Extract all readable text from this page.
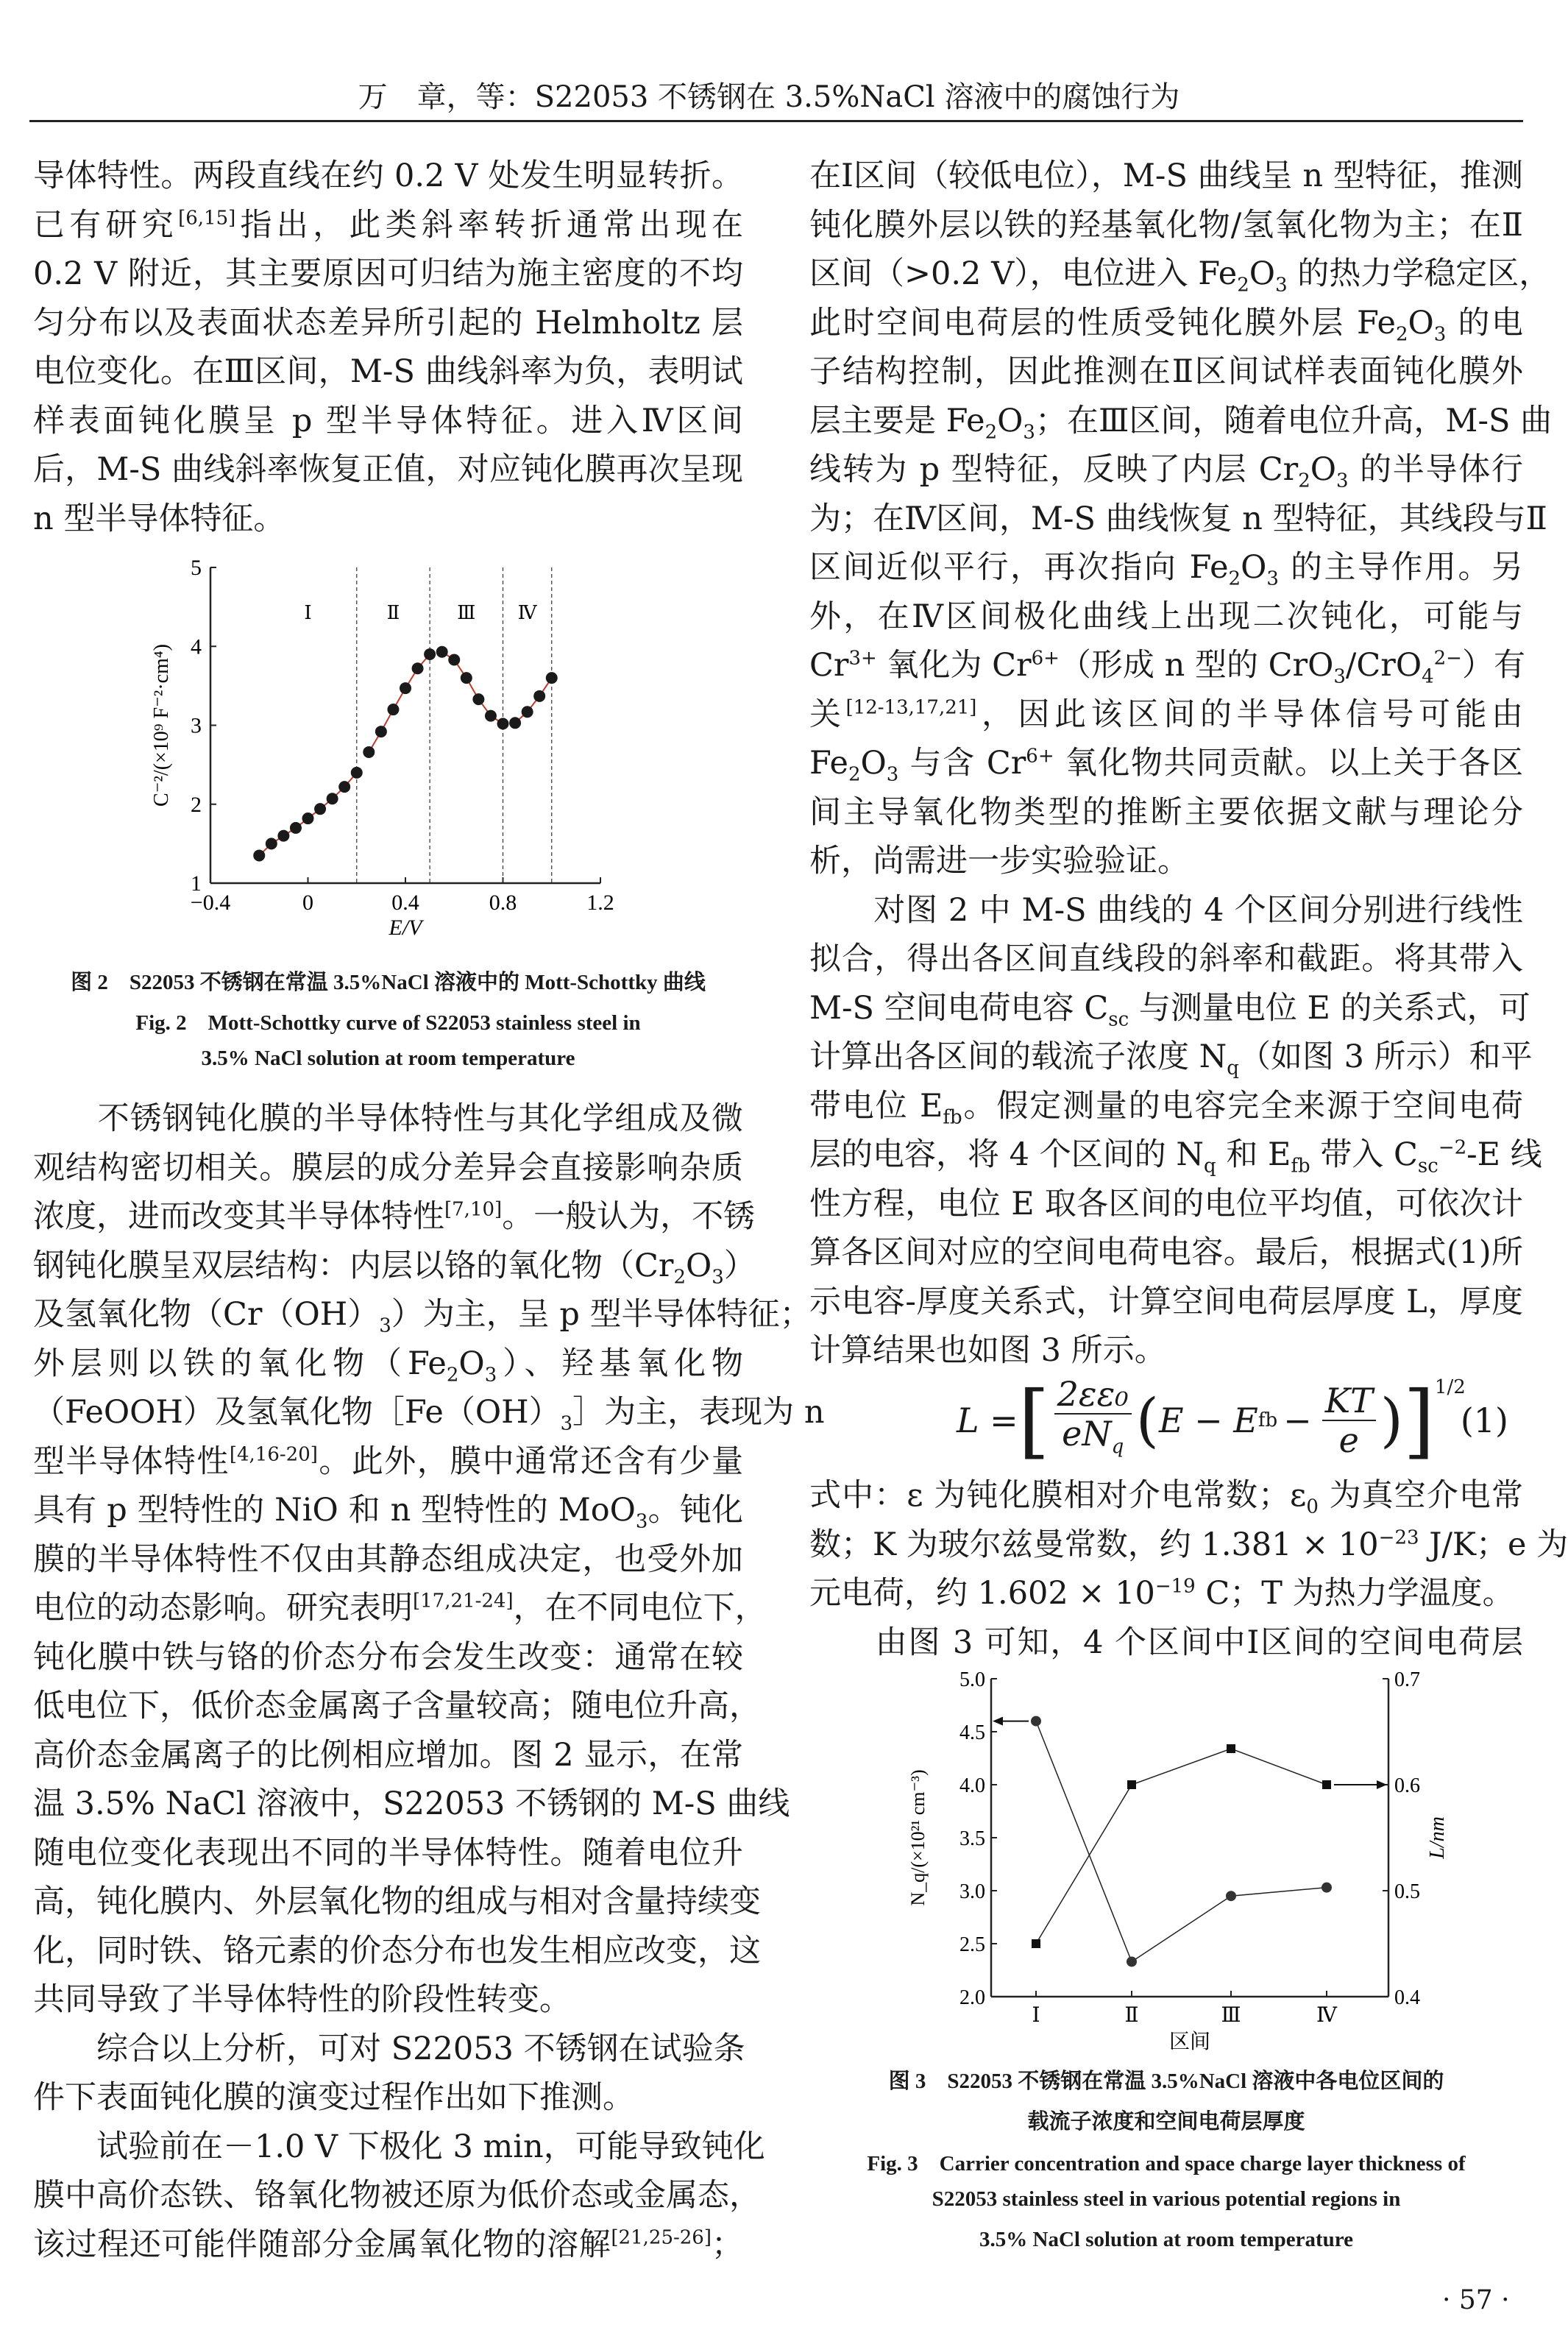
万　章，等：S22053 不锈钢在 3.5%NaCl 溶液中的腐蚀行为
导体特性。两段直线在约 0.2 V 处发生明显转折。
已有研究[6,15]指出，此类斜率转折通常出现在
0.2 V 附近，其主要原因可归结为施主密度的不均
匀分布以及表面状态差异所引起的 Helmholtz 层
电位变化。在Ⅲ区间，M-S 曲线斜率为负，表明试
样表面钝化膜呈 p 型半导体特征。进入Ⅳ区间
后，M-S 曲线斜率恢复正值，对应钝化膜再次呈现
n 型半导体特征。
−0.4	0	0.4	0.8	1.2
1
2
3
4
5
E/V
C⁻²/(×10⁹ F⁻²·cm⁴)
Ⅰ	Ⅱ	Ⅲ Ⅳ
图 2　S22053 不锈钢在常温 3.5%NaCl 溶液中的 Mott-Schottky 曲线
Fig. 2　Mott-Schottky curve of S22053 stainless steel in
3.5% NaCl solution at room temperature
　　不锈钢钝化膜的半导体特性与其化学组成及微
观结构密切相关。膜层的成分差异会直接影响杂质
浓度，进而改变其半导体特性[7,10]。一般认为，不锈
钢钝化膜呈双层结构：内层以铬的氧化物$(Cr_2O_3)$
及氢氧化物$(Cr(OH)_3)$为主，呈 p 型半导体特征；
外层则以铁的氧化物$(Fe_2O_3)$、羟基氧化物
（FeOOH）及氢氧化物$[Fe(OH)_3]$为主，表现为 n
型半导体特性[4,16-20]。此外，膜中通常还含有少量
具有 p 型特性的 NiO 和 n 型特性的 MoO$_3$。钝化
膜的半导体特性不仅由其静态组成决定，也受外加
电位的动态影响。研究表明[17,21-24]，在不同电位下，
钝化膜中铁与铬的价态分布会发生改变：通常在较
低电位下，低价态金属离子含量较高；随电位升高，
高价态金属离子的比例相应增加。图 2 显示，在常
温 3.5% NaCl 溶液中，S22053 不锈钢的 M-S 曲线
随电位变化表现出不同的半导体特性。随着电位升
高，钝化膜内、外层氧化物的组成与相对含量持续变
化，同时铁、铬元素的价态分布也发生相应改变，这
共同导致了半导体特性的阶段性转变。
　　综合以上分析，可对 S22053 不锈钢在试验条
件下表面钝化膜的演变过程作出如下推测。
　　试验前在－1.0 V 下极化 3 min，可能导致钝化
膜中高价态铁、铬氧化物被还原为低价态或金属态，
该过程还可能伴随部分金属氧化物的溶解[21,25-26]；
在Ⅰ区间（较低电位），M-S 曲线呈 n 型特征，推测
钝化膜外层以铁的羟基氧化物/氢氧化物为主；在Ⅱ
区间（>0.2 V），电位进入 $Fe_2O_3$ 的热力学稳定区，
此时空间电荷层的性质受钝化膜外层 $Fe_2O_3$ 的电
子结构控制，因此推测在Ⅱ区间试样表面钝化膜外
层主要是 $Fe_2O_3$；在Ⅲ区间，随着电位升高，M-S 曲
线转为 p 型特征，反映了内层 $Cr_2O_3$ 的半导体行
为；在Ⅳ区间，M-S 曲线恢复 n 型特征，其线段与Ⅱ
区间近似平行，再次指向 $Fe_2O_3$ 的主导作用。另
外，在Ⅳ区间极化曲线上出现二次钝化，可能与
$Cr^{3+}$ 氧化为 $Cr^{6+}$（形成 n 型的 CrO$_3$/CrO$_4^{2-}$）有
关[12-13,17,21]，因此该区间的半导体信号可能由
$Fe_2O_3$ 与含 $Cr^{6+}$ 氧化物共同贡献。以上关于各区
间主导氧化物类型的推断主要依据文献与理论分
析，尚需进一步实验验证。
　　对图 2 中 M-S 曲线的 4 个区间分别进行线性
拟合，得出各区间直线段的斜率和截距。将其带入
M-S 空间电荷电容 $C_{sc}$ 与测量电位 E 的关系式，可
计算出各区间的载流子浓度 $N_q$（如图 3 所示）和平
带电位 $E_{fb}$。假定测量的电容完全来源于空间电荷
层的电容，将 4 个区间的 $N_q$ 和 $E_{fb}$ 带入 $C_{sc}^{-2}-E$ 线
性方程，电位 E 取各区间的电位平均值，可依次计
算各区间对应的空间电荷电容。最后，根据式(1)所
示电容-厚度关系式，计算空间电荷层厚度 L，厚度
计算结果也如图 3 所示。
L = [ $\frac{\text{2εε₀}}{eN_q}$ ( E − E fb − $\frac{KT}{e}$ ) ] 1/2
(1)
式中：ε 为钝化膜相对介电常数；$\varepsilon_0$ 为真空介电常
数；K 为玻尔兹曼常数，约 $1.381 \times 10^{-23}$ J/K；e 为
元电荷，约 $1.602 \times 10^{-19}$ C；T 为热力学温度。
　　由图 3 可知，4 个区间中Ⅰ区间的空间电荷层
2.0
2.5
3.0
3.5
4.0
4.5
5.0
0.4
0.5
0.6
0.7
Ⅰ	Ⅱ	Ⅲ	Ⅳ
区间
N_q/(×10²¹ cm⁻³)	L/nm
图 3　S22053 不锈钢在常温 3.5%NaCl 溶液中各电位区间的
载流子浓度和空间电荷层厚度
Fig. 3　Carrier concentration and space charge layer thickness of
S22053 stainless steel in various potential regions in
3.5% NaCl solution at room temperature
· 57 ·
